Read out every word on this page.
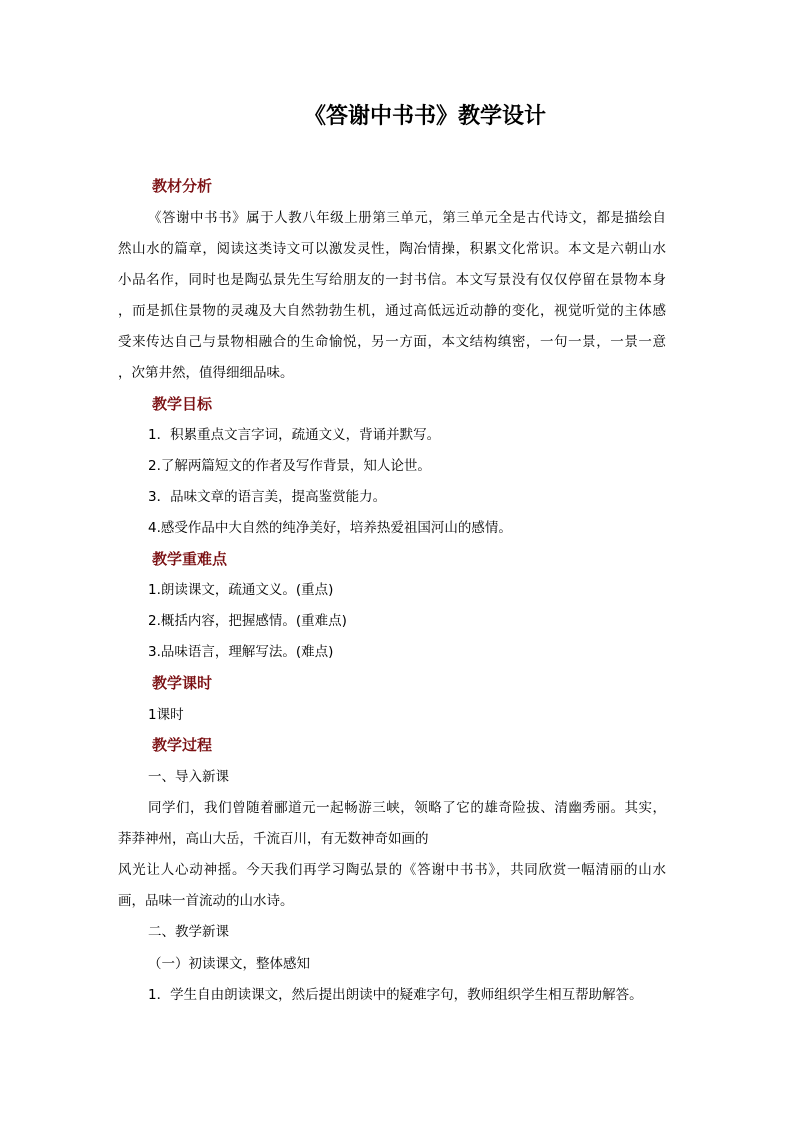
《答谢中书书》教学设计
教材分析
《答谢中书书》属于人教八年级上册第三单元，第三单元全是古代诗文，都是描绘自
然山水的篇章，阅读这类诗文可以激发灵性，陶冶情操，积累文化常识。本文是六朝山水
小品名作，同时也是陶弘景先生写给朋友的一封书信。本文写景没有仅仅停留在景物本身
，而是抓住景物的灵魂及大自然勃勃生机，通过高低远近动静的变化，视觉听觉的主体感
受来传达自己与景物相融合的生命愉悦，另一方面，本文结构缜密，一句一景，一景一意
，次第井然，值得细细品味。
教学目标
1．积累重点文言字词，疏通文义，背诵并默写。
2.了解两篇短文的作者及写作背景，知人论世。
3．品味文章的语言美，提高鉴赏能力。
4.感受作品中大自然的纯净美好，培养热爱祖国河山的感情。
教学重难点
1.朗读课文，疏通文义。(重点)
2.概括内容，把握感情。(重难点)
3.品味语言，理解写法。(难点)
教学课时
1课时
教学过程
一、导入新课
同学们，我们曾随着郦道元一起畅游三峡，领略了它的雄奇险拔、清幽秀丽。其实，
莽莽神州，高山大岳，千流百川，有无数神奇如画的
风光让人心动神摇。今天我们再学习陶弘景的《答谢中书书》，共同欣赏一幅清丽的山水
画，品味一首流动的山水诗。
二、教学新课
（一）初读课文，整体感知
1．学生自由朗读课文，然后提出朗读中的疑难字句，教师组织学生相互帮助解答。
